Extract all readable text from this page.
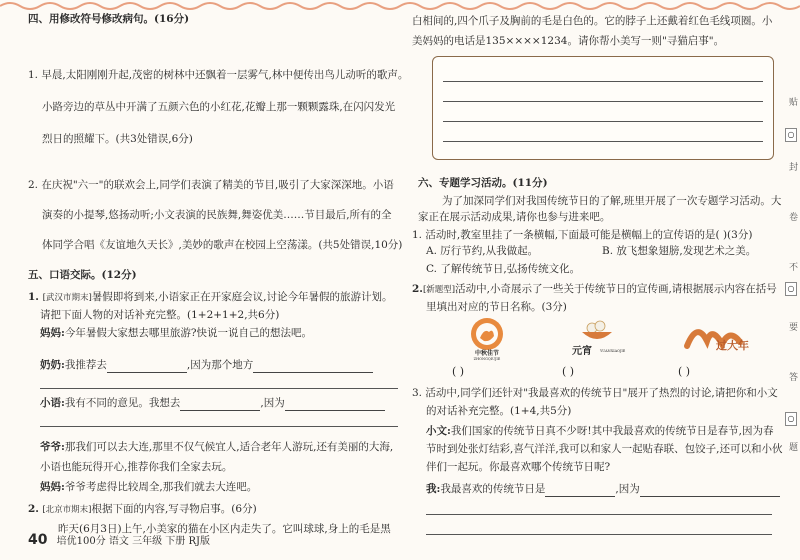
四、用修改符号修改病句。(16分)
1. 早晨,太阳刚刚升起,茂密的树林中还飘着一层雾气,林中便传出鸟儿动听的歌声。
小路旁边的草丛中开满了五颜六色的小红花,花瓣上那一颗颗露珠,在闪闪发光
烈日的照耀下。(共3处错误,6分)
2. 在庆祝"六一"的联欢会上,同学们表演了精美的节目,吸引了大家深深地。小语
演奏的小提琴,悠扬动听;小文表演的民族舞,舞姿优美……节目最后,所有的全
体同学合唱《友谊地久天长》,美妙的歌声在校园上空荡漾。(共5处错误,10分)
五、口语交际。(12分)
1. [武汉市期末]暑假即将到来,小语家正在开家庭会议,讨论今年暑假的旅游计划。
请把下面人物的对话补充完整。(1+2+1+2,共6分)
妈妈:今年暑假大家想去哪里旅游?快说一说自己的想法吧。
奶奶:我推荐去	,因为那个地方
小语:我有不同的意见。我想去	,因为
爷爷:那我们可以去大连,那里不仅气候宜人,适合老年人游玩,还有美丽的大海,
小语也能玩得开心,推荐你我们全家去玩。
妈妈:爷爷考虑得比较周全,那我们就去大连吧。
2. [北京市期末]根据下面的内容,写寻物启事。(6分)
昨天(6月3日)上午,小美家的猫在小区内走失了。它叫球球,身上的毛是黑
白相间的,四个爪子及胸前的毛是白色的。它的脖子上还戴着红色毛线项圈。小
美妈妈的电话是135××××1234。请你帮小美写一则"寻猫启事"。
六、专题学习活动。(11分)
为了加深同学们对我国传统节日的了解,班里开展了一次专题学习活动。大
家正在展示活动成果,请你也参与进来吧。
1. 活动时,教室里挂了一条横幅,下面最可能是横幅上的宣传语的是( )(3分)
A. 厉行节约,从我做起。	B. 放飞想象翅膀,发现艺术之美。
C. 了解传统节日,弘扬传统文化。
2.[新题型]活动中,小奇展示了一些关于传统节日的宣传画,请根据展示内容在括号
里填出对应的节日名称。(3分)
中秋佳节
ZHONGQIUJIE
元宵	YUANXIAOJIE	过大年
( )	( )	( )
3. 活动中,同学们还针对"我最喜欢的传统节日"展开了热烈的讨论,请把你和小文
的对话补充完整。(1+4,共5分)
小文:我们国家的传统节日真不少呀!其中我最喜欢的传统节日是春节,因为春
节时到处张灯结彩,喜气洋洋,我可以和家人一起贴春联、包饺子,还可以和小伙
伴们一起玩。你最喜欢哪个传统节日呢?
我:我最喜欢的传统节日是	,因为
40 培优100分 语文 三年级 下册 RJ版
贴
○
封
卷
不
○
要
答
○
题
